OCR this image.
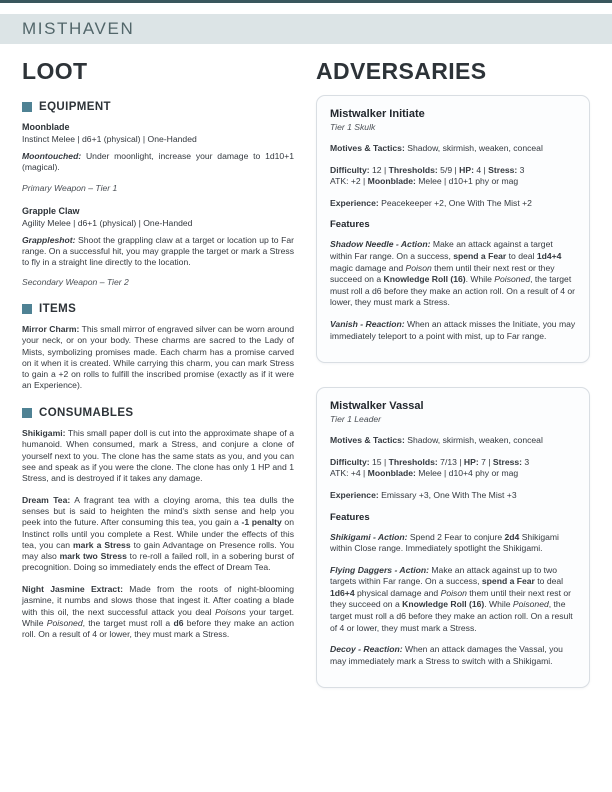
MISTHAVEN
LOOT
EQUIPMENT
Moonblade
Instinct Melee | d6+1 (physical) | One-Handed

Moontouched: Under moonlight, increase your damage to 1d10+1 (magical).

Primary Weapon – Tier 1
Grapple Claw
Agility Melee | d6+1 (physical) | One-Handed

Grappleshot: Shoot the grappling claw at a target or location up to Far range. On a successful hit, you may grapple the target or mark a Stress to fly in a straight line directly to the location.

Secondary Weapon – Tier 2
ITEMS

Mirror Charm: This small mirror of engraved silver can be worn around your neck, or on your body. These charms are sacred to the Lady of Mists, symbolizing promises made. Each charm has a promise carved on it when it is created. While carrying this charm, you can mark Stress to gain a +2 on rolls to fulfill the inscribed promise (exactly as if it were an Experience).

CONSUMABLES

Shikigami: This small paper doll is cut into the approximate shape of a humanoid. When consumed, mark a Stress, and conjure a clone of yourself next to you. The clone has the same stats as you, and you can see and speak as if you were the clone. The clone has only 1 HP and 1 Stress, and is destroyed if it takes any damage.

Dream Tea: A fragrant tea with a cloying aroma, this tea dulls the senses but is said to heighten the mind's sixth sense and help you peek into the future. After consuming this tea, you gain a -1 penalty on Instinct rolls until you complete a Rest. While under the effects of this tea, you can mark a Stress to gain Advantage on Presence rolls. You may also mark two Stress to re-roll a failed roll, in a sobering burst of precognition. Doing so immediately ends the effect of Dream Tea.

Night Jasmine Extract: Made from the roots of night-blooming jasmine, it numbs and slows those that ingest it. After coating a blade with this oil, the next successful attack you deal Poisons your target. While Poisoned, the target must roll a d6 before they make an action roll. On a result of 4 or lower, they must mark a Stress.

ADVERSARIES
Mistwalker Initiate
Tier 1 Skulk

Motives & Tactics: Shadow, skirmish, weaken, conceal

Difficulty: 12 | Thresholds: 5/9 | HP: 4 | Stress: 3

ATK: +2 | Moonblade: Melee | d10+1 phy or mag

Experience: Peacekeeper +2, One With The Mist +2

Features

Shadow Needle - Action: Make an attack against a target within Far range. On a success, spend a Fear to deal 1d4+4 magic damage and Poison them until their next rest or they succeed on a Knowledge Roll (16). While Poisoned, the target must roll a d6 before they make an action roll. On a result of 4 or lower, they must mark a Stress.

Vanish - Reaction: When an attack misses the Initiate, you may immediately teleport to a point with mist, up to Far range.

Mistwalker Vassal
Tier 1 Leader

Motives & Tactics: Shadow, skirmish, weaken, conceal

Difficulty: 15 | Thresholds: 7/13 | HP: 7 | Stress: 3

ATK: +4 | Moonblade: Melee | d10+4 phy or mag

Experience: Emissary +3, One With The Mist +3

Features

Shikigami - Action: Spend 2 Fear to conjure 2d4 Shikigami within Close range. Immediately spotlight the Shikigami.

Flying Daggers - Action: Make an attack against up to two targets within Far range. On a success, spend a Fear to deal 1d6+4 physical damage and Poison them until their next rest or they succeed on a Knowledge Roll (16). While Poisoned, the target must roll a d6 before they make an action roll. On a result of 4 or lower, they must mark a Stress.

Decoy - Reaction: When an attack damages the Vassal, you may immediately mark a Stress to switch with a Shikigami.
